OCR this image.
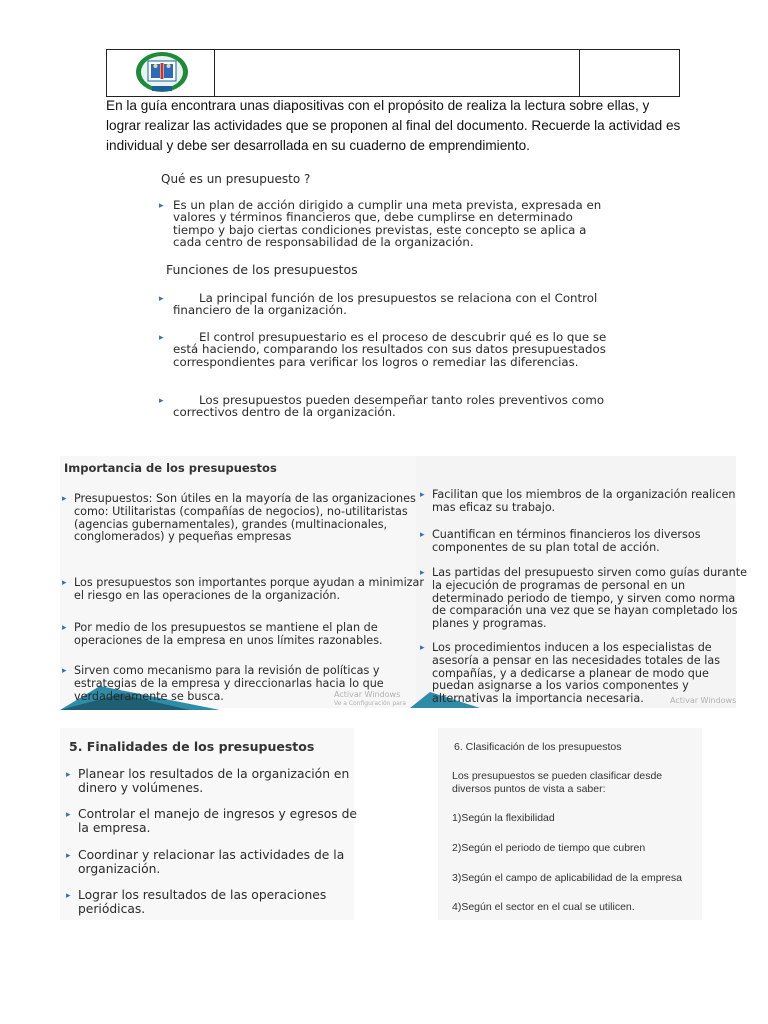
En la guía encontrara unas diapositivas con el propósito de realiza la lectura sobre ellas, y lograr realizar las actividades que se proponen al final del documento. Recuerde la actividad es individual y debe ser desarrollada en su cuaderno de emprendimiento.
Qué es un presupuesto ?
▸ Es un plan de acción dirigido a cumplir una meta prevista, expresada en valores y términos financieros que, debe cumplirse en determinado tiempo y bajo ciertas condiciones previstas, este concepto se aplica a cada centro de responsabilidad de la organización.
Funciones de los presupuestos
▸	La principal función de los presupuestos se relaciona con el Control financiero de la organización.
▸	El control presupuestario es el proceso de descubrir qué es lo que se está haciendo, comparando los resultados con sus datos presupuestados correspondientes para verificar los logros o remediar las diferencias.
▸	Los presupuestos pueden desempeñar tanto roles preventivos como correctivos dentro de la organización.
Importancia de los presupuestos
▸ Presupuestos: Son útiles en la mayoría de las organizaciones como: Utilitaristas (compañías de negocios), no-utilitaristas (agencias gubernamentales), grandes (multinacionales, conglomerados) y pequeñas empresas
▸ Los presupuestos son importantes porque ayudan a minimizar el riesgo en las operaciones de la organización.
▸ Por medio de los presupuestos se mantiene el plan de operaciones de la empresa en unos límites razonables.
▸ Sirven como mecanismo para la revisión de políticas y estrategias de la empresa y direccionarlas hacia lo que verdaderamente se busca.
▸ Facilitan que los miembros de la organización realicen mas eficaz su trabajo.
▸ Cuantifican en términos financieros los diversos componentes de su plan total de acción.
▸ Las partidas del presupuesto sirven como guías durante la ejecución de programas de personal en un determinado periodo de tiempo, y sirven como norma de comparación una vez que se hayan completado los planes y programas.
▸ Los procedimientos inducen a los especialistas de asesoría a pensar en las necesidades totales de las compañías, y a dedicarse a planear de modo que puedan asignarse a los varios componentes y alternativas la importancia necesaria.
Activar Windows
Ve a Configuración para	Activar Windows
5. Finalidades de los presupuestos
▸ Planear los resultados de la organización en dinero y volúmenes.
▸ Controlar el manejo de ingresos y egresos de la empresa.
▸ Coordinar y relacionar las actividades de la organización.
▸ Lograr los resultados de las operaciones periódicas.
6. Clasificación de los presupuestos
Los presupuestos se pueden clasificar desde diversos puntos de vista a saber:
1)Según la flexibilidad
2)Según el periodo de tiempo que cubren
3)Según el campo de aplicabilidad de la empresa
4)Según el sector en el cual se utilicen.
